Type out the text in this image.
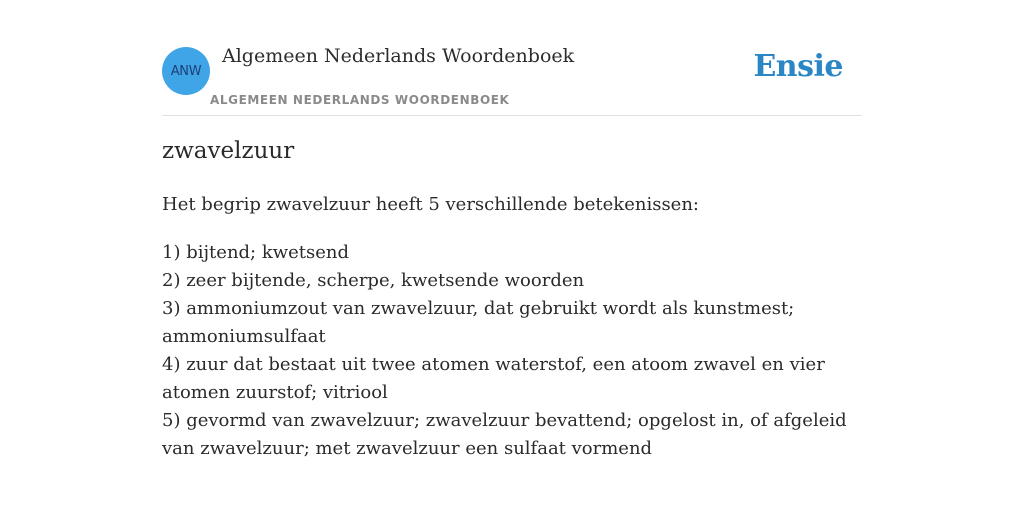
ANW
Algemeen Nederlands Woordenboek
ALGEMEEN NEDERLANDS WOORDENBOEK
Ensie
zwavelzuur

Het begrip zwavelzuur heeft 5 verschillende betekenissen:

1) bijtend; kwetsend
2) zeer bijtende, scherpe, kwetsende woorden
3) ammoniumzout van zwavelzuur, dat gebruikt wordt als kunstmest; ammoniumsulfaat
4) zuur dat bestaat uit twee atomen waterstof, een atoom zwavel en vier atomen zuurstof; vitriool
5) gevormd van zwavelzuur; zwavelzuur bevattend; opgelost in, of afgeleid van zwavelzuur; met zwavelzuur een sulfaat vormend
